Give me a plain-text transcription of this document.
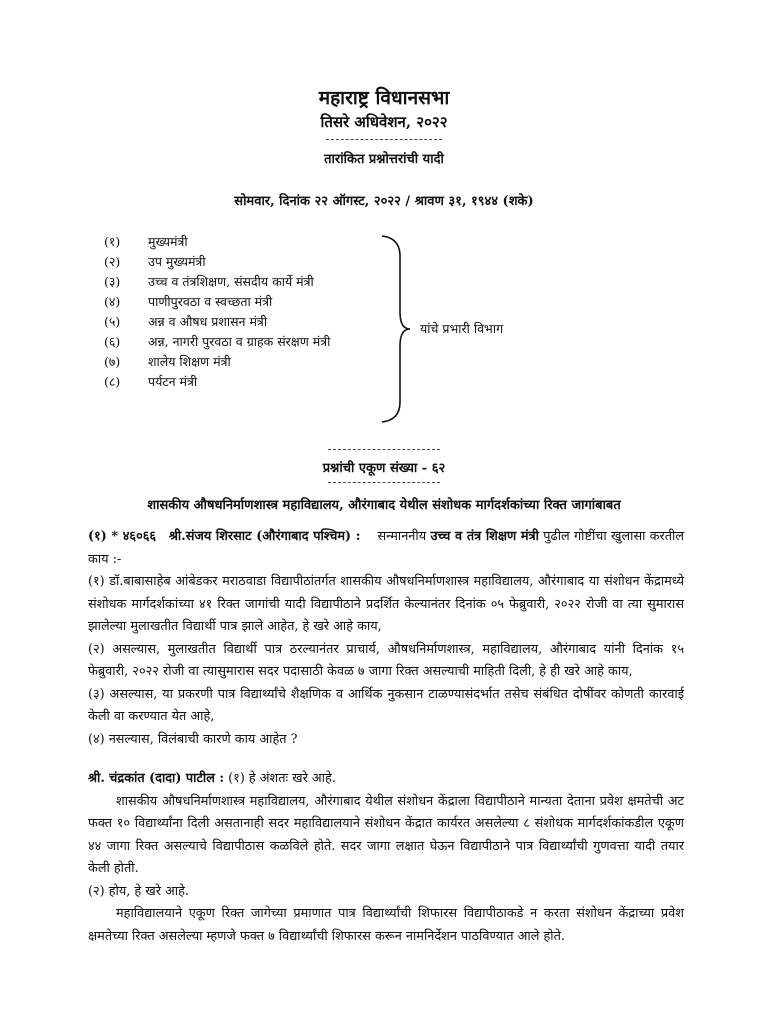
महाराष्ट्र विधानसभा
तिसरे अधिवेशन, २०२२
तारांकित प्रश्नोत्तरांची यादी
सोमवार, दिनांक २२ ऑगस्ट, २०२२ / श्रावण ३१, १९४४ (शके)
(१)	मुख्यमंत्री
(२)	उप मुख्यमंत्री
(३)	उच्च व तंत्रशिक्षण, संसदीय कार्ये मंत्री
(४)	पाणीपुरवठा व स्वच्छता मंत्री
(५)	अन्न व औषध प्रशासन मंत्री
(६)	अन्न, नागरी पुरवठा व ग्राहक संरक्षण मंत्री
(७)	शालेय शिक्षण मंत्री
(८)	पर्यटन मंत्री
यांचे प्रभारी विभाग
प्रश्नांची एकूण संख्या - ६२
शासकीय औषधनिर्माणशास्त्र महाविद्यालय, औरंगाबाद येथील संशोधक मार्गदर्शकांच्या रिक्त जागांबाबत

(१) * ४६०६६ श्री.संजय शिरसाट (औरंगाबाद पश्चिम) : सन्माननीय उच्च व तंत्र शिक्षण मंत्री पुढील गोष्टींचा खुलासा करतील काय :-

(१) डॉ.बाबासाहेब आंबेडकर मराठवाडा विद्यापीठांतर्गत शासकीय औषधनिर्माणशास्त्र महाविद्यालय, औरंगाबाद या संशोधन केंद्रामध्ये संशोधक मार्गदर्शकांच्या ४१ रिक्त जागांची यादी विद्यापीठाने प्रदर्शित केल्यानंतर दिनांक ०५ फेब्रुवारी, २०२२ रोजी वा त्या सुमारास झालेल्या मुलाखतीत विद्यार्थी पात्र झाले आहेत, हे खरे आहे काय,

(२) असल्यास, मुलाखतीत विद्यार्थी पात्र ठरल्यानंतर प्राचार्य, औषधनिर्माणशास्त्र, महाविद्यालय, औरंगाबाद यांनी दिनांक १५ फेब्रुवारी, २०२२ रोजी वा त्यासुमारास सदर पदासाठी केवळ ७ जागा रिक्त असल्याची माहिती दिली, हे ही खरे आहे काय,

(३) असल्यास, या प्रकरणी पात्र विद्यार्थ्यांचे शैक्षणिक व आर्थिक नुकसान टाळण्यासंदर्भात तसेच संबंधित दोषींवर कोणती कारवाई केली वा करण्यात येत आहे,

(४) नसल्यास, विलंबाची कारणे काय आहेत ?

श्री. चंद्रकांत (दादा) पाटील : (१) हे अंशतः खरे आहे.

शासकीय औषधनिर्माणशास्त्र महाविद्यालय, औरंगाबाद येथील संशोधन केंद्राला विद्यापीठाने मान्यता देताना प्रवेश क्षमतेची अट फक्त १० विद्यार्थ्यांना दिली असतानाही सदर महाविद्यालयाने संशोधन केंद्रात कार्यरत असलेल्या ८ संशोधक मार्गदर्शकांकडील एकूण ४४ जागा रिक्त असल्याचे विद्यापीठास कळविले होते. सदर जागा लक्षात घेऊन विद्यापीठाने पात्र विद्यार्थ्यांची गुणवत्ता यादी तयार केली होती.

(२) होय, हे खरे आहे.

महाविद्यालयाने एकूण रिक्त जागेच्या प्रमाणात पात्र विद्यार्थ्यांची शिफारस विद्यापीठाकडे न करता संशोधन केंद्राच्या प्रवेश क्षमतेच्या रिक्त असलेल्या म्हणजे फक्त ७ विद्यार्थ्यांची शिफारस करून नामनिर्देशन पाठविण्यात आले होते.
